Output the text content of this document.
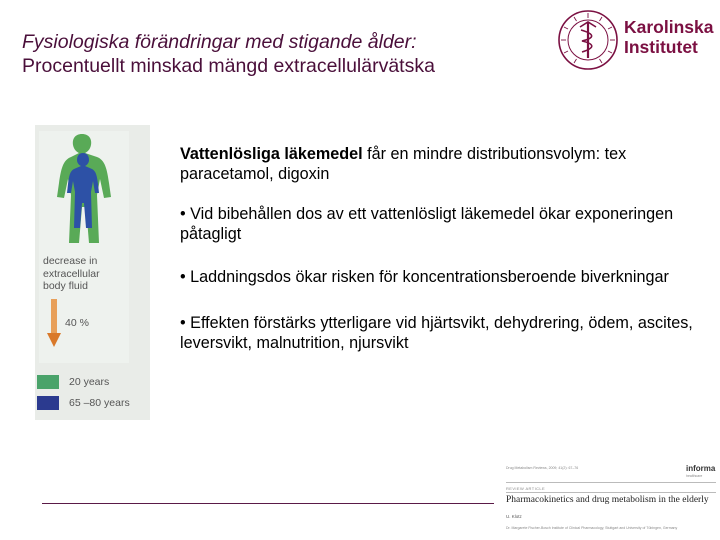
Fysiologiska förändringar med stigande ålder:
Procentuellt minskad mängd extracellulärvätska
Karolinska
Institutet
decrease in
extracellular
body fluid
40 %
20 years
65 –80 years

Vattenlösliga läkemedel får en mindre distributionsvolym: tex paracetamol, digoxin

• Vid bibehållen dos av ett vattenlösligt läkemedel ökar exponeringen påtagligt

• Laddningsdos ökar risken för koncentrationsberoende biverkningar

• Effekten förstärks ytterligare vid hjärtsvikt, dehydrering, ödem, ascites, leversvikt, malnutrition, njursvikt

Drug Metabolism Reviews, 2009; 41(2): 67–76	informa
healthcare
REVIEW ARTICLE
Pharmacokinetics and drug metabolism in the elderly
U. Klotz
Dr. Margarete Fischer-Bosch Institute of Clinical Pharmacology, Stuttgart and University of Tübingen, Germany
